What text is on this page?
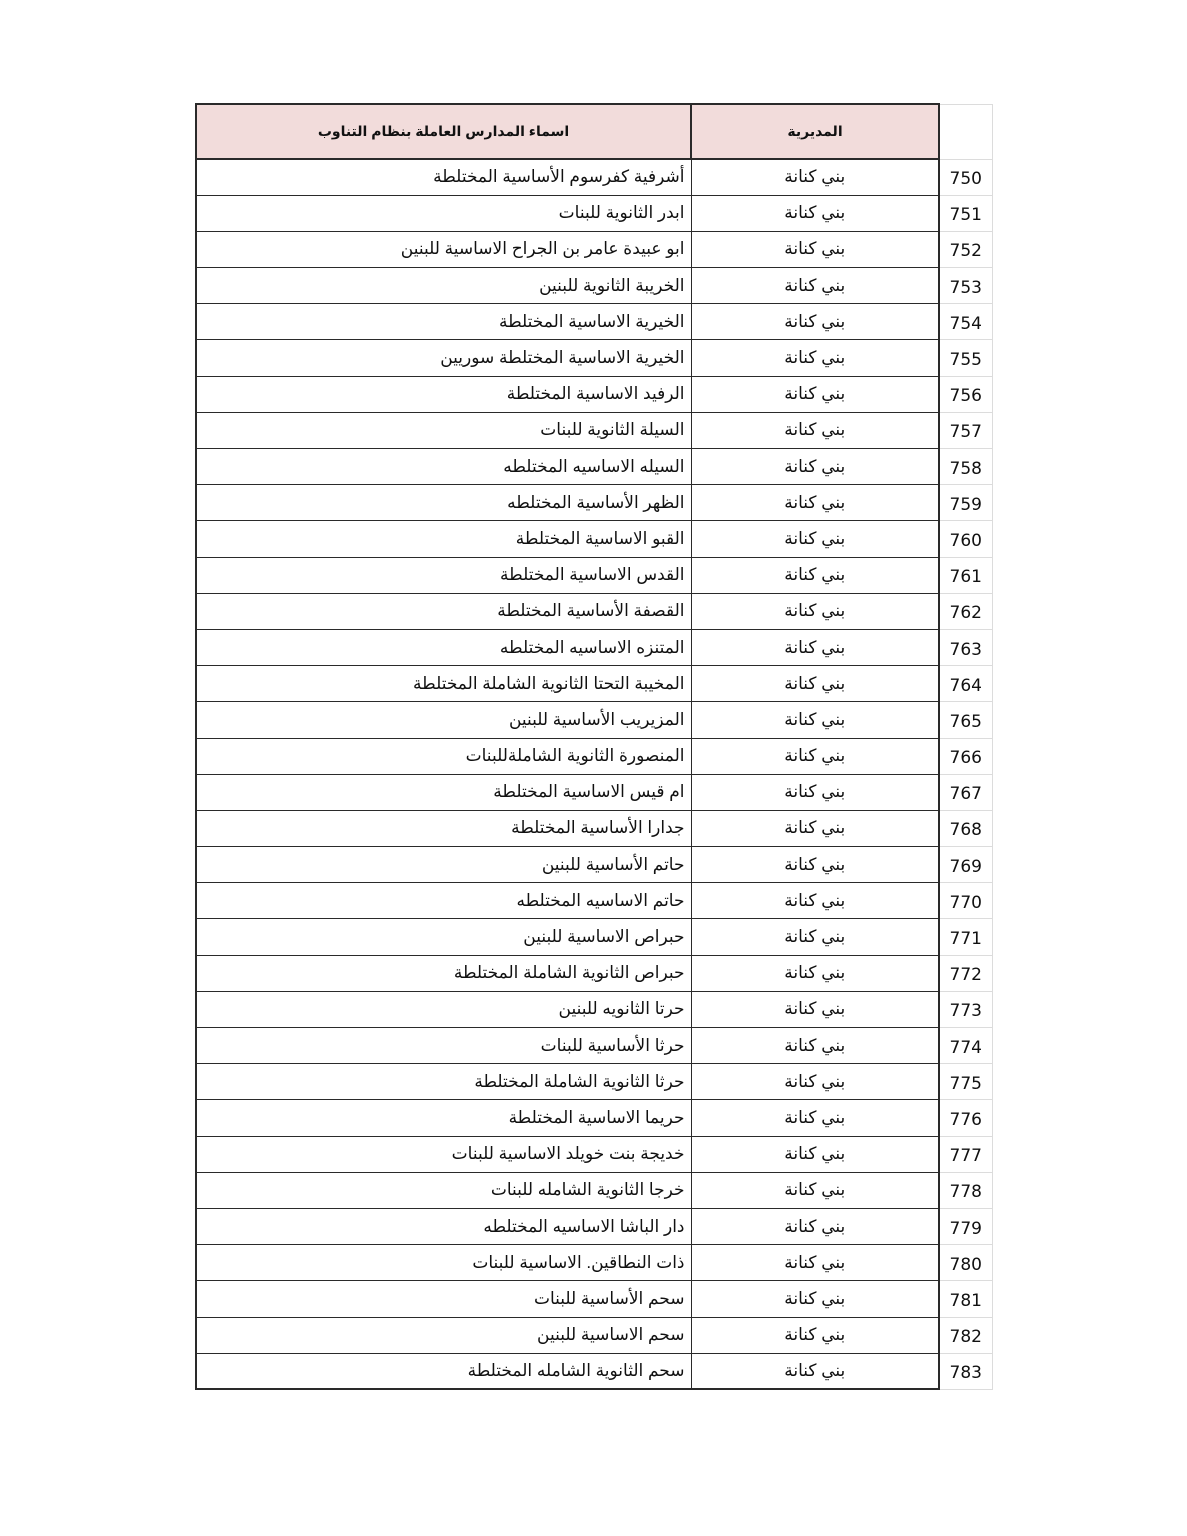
اسماء المدارس العاملة بنظام التناوب	المديرية	
أشرفية كفرسوم الأساسية المختلطة	بني كنانة	750
ابدر الثانوية للبنات	بني كنانة	751
ابو عبيدة عامر بن الجراح الاساسية للبنين	بني كنانة	752
الخريبة الثانوية للبنين	بني كنانة	753
الخيرية الاساسية المختلطة	بني كنانة	754
الخيرية الاساسية المختلطة سوريين	بني كنانة	755
الرفيد الاساسية المختلطة	بني كنانة	756
السيلة الثانوية للبنات	بني كنانة	757
السيله الاساسيه المختلطه	بني كنانة	758
الظهر الأساسية المختلطه	بني كنانة	759
القبو الاساسية المختلطة	بني كنانة	760
القدس الاساسية المختلطة	بني كنانة	761
القصفة الأساسية المختلطة	بني كنانة	762
المتنزه الاساسيه المختلطه	بني كنانة	763
المخيبة التحتا الثانوية الشاملة المختلطة	بني كنانة	764
المزيريب الأساسية للبنين	بني كنانة	765
المنصورة الثانوية الشاملةللبنات	بني كنانة	766
ام قيس الاساسية المختلطة	بني كنانة	767
جدارا الأساسية المختلطة	بني كنانة	768
حاتم الأساسية للبنين	بني كنانة	769
حاتم الاساسيه المختلطه	بني كنانة	770
حبراص الاساسية للبنين	بني كنانة	771
حبراص الثانوية الشاملة المختلطة	بني كنانة	772
حرتا الثانويه للبنين	بني كنانة	773
حرثا الأساسية للبنات	بني كنانة	774
حرثا الثانوية الشاملة المختلطة	بني كنانة	775
حريما الاساسية المختلطة	بني كنانة	776
خديجة بنت خويلد الاساسية للبنات	بني كنانة	777
خرجا الثانوية الشامله للبنات	بني كنانة	778
دار الباشا الاساسيه المختلطه	بني كنانة	779
ذات النطاقين. الاساسية للبنات	بني كنانة	780
سحم الأساسية للبنات	بني كنانة	781
سحم الاساسية للبنين	بني كنانة	782
سحم الثانوية الشامله المختلطة	بني كنانة	783
